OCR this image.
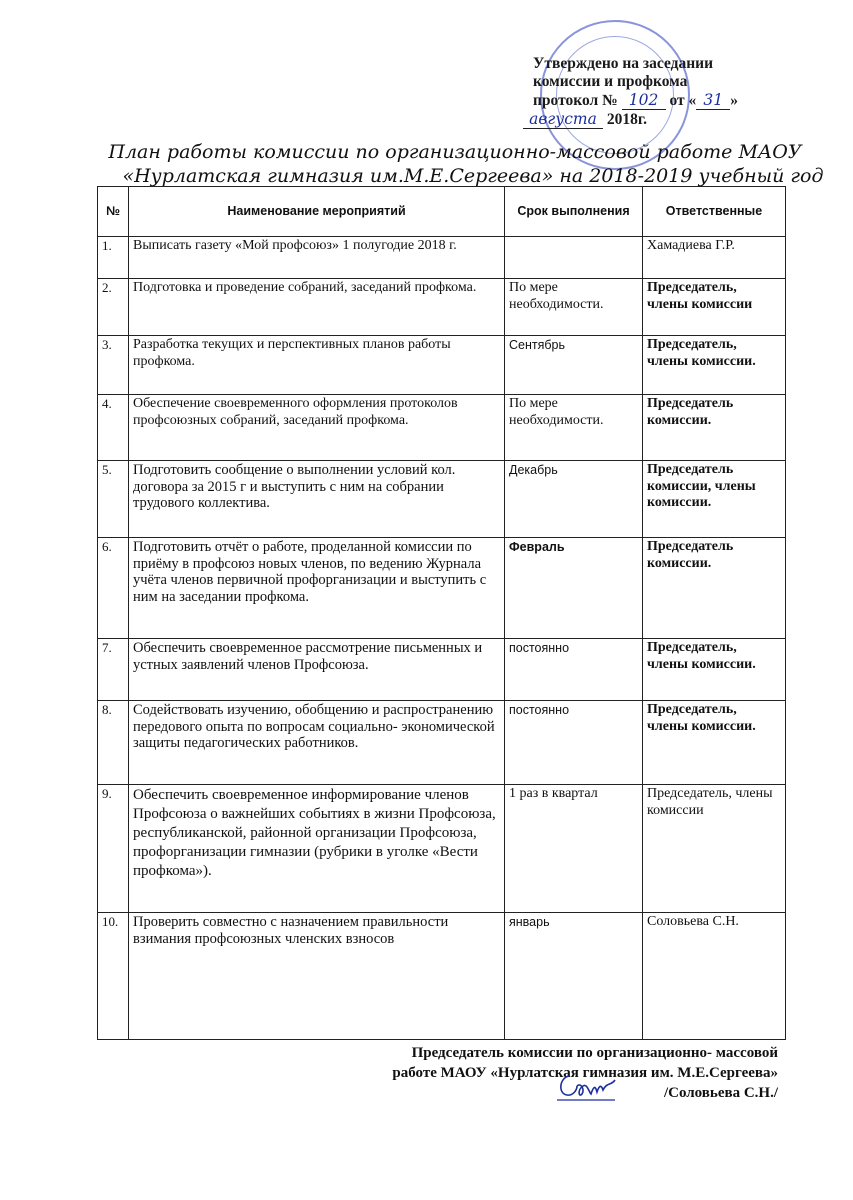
Утверждено на заседании
комиссии и профкома
протокол № 102 от « 31 »
августа 2018г.
План работы комиссии по организационно-массовой работе МАОУ
«Нурлатская гимназия им.М.Е.Сергеева» на 2018-2019 учебный год
№	Наименование мероприятий	Срок выполнения	Ответственные
1.	Выписать газету «Мой профсоюз» 1 полугодие 2018 г.		Хамадиева Г.Р.
2.	Подготовка и проведение собраний, заседаний профкома.	По мере необходимости.	Председатель, члены комиссии
3.	Разработка текущих и перспективных планов работы профкома.	Сентябрь	Председатель, члены комиссии.
4.	Обеспечение своевременного оформления протоколов профсоюзных собраний, заседаний профкома.	По мере необходимости.	Председатель комиссии.
5.	Подготовить сообщение о выполнении условий кол. договора за 2015 г и выступить с ним на собрании трудового коллектива.	Декабрь	Председатель комиссии, члены комиссии.
6.	Подготовить отчёт о работе, проделанной комиссии по приёму в профсоюз новых членов, по ведению Журнала учёта членов первичной профорганизации и выступить с ним на заседании профкома.	Февраль	Председатель комиссии.
7.	Обеспечить своевременное рассмотрение письменных и устных заявлений членов Профсоюза.	постоянно	Председатель, члены комиссии.
8.	Содействовать изучению, обобщению и распространению передового опыта по вопросам социально- экономической защиты педагогических работников.	постоянно	Председатель, члены комиссии.
9.	Обеспечить своевременное информирование членов Профсоюза о важнейших событиях в жизни Профсоюза, республиканской, районной организации Профсоюза, профорганизации гимназии (рубрики в уголке «Вести профкома»).	1 раз в квартал	Председатель, члены комиссии
10.	Проверить совместно с назначением правильности взимания профсоюзных членских взносов	январь	Соловьева С.Н.
Председатель комиссии по организационно- массовой
работе МАОУ «Нурлатская гимназия им. М.Е.Сергеева»
/Соловьева С.Н./
